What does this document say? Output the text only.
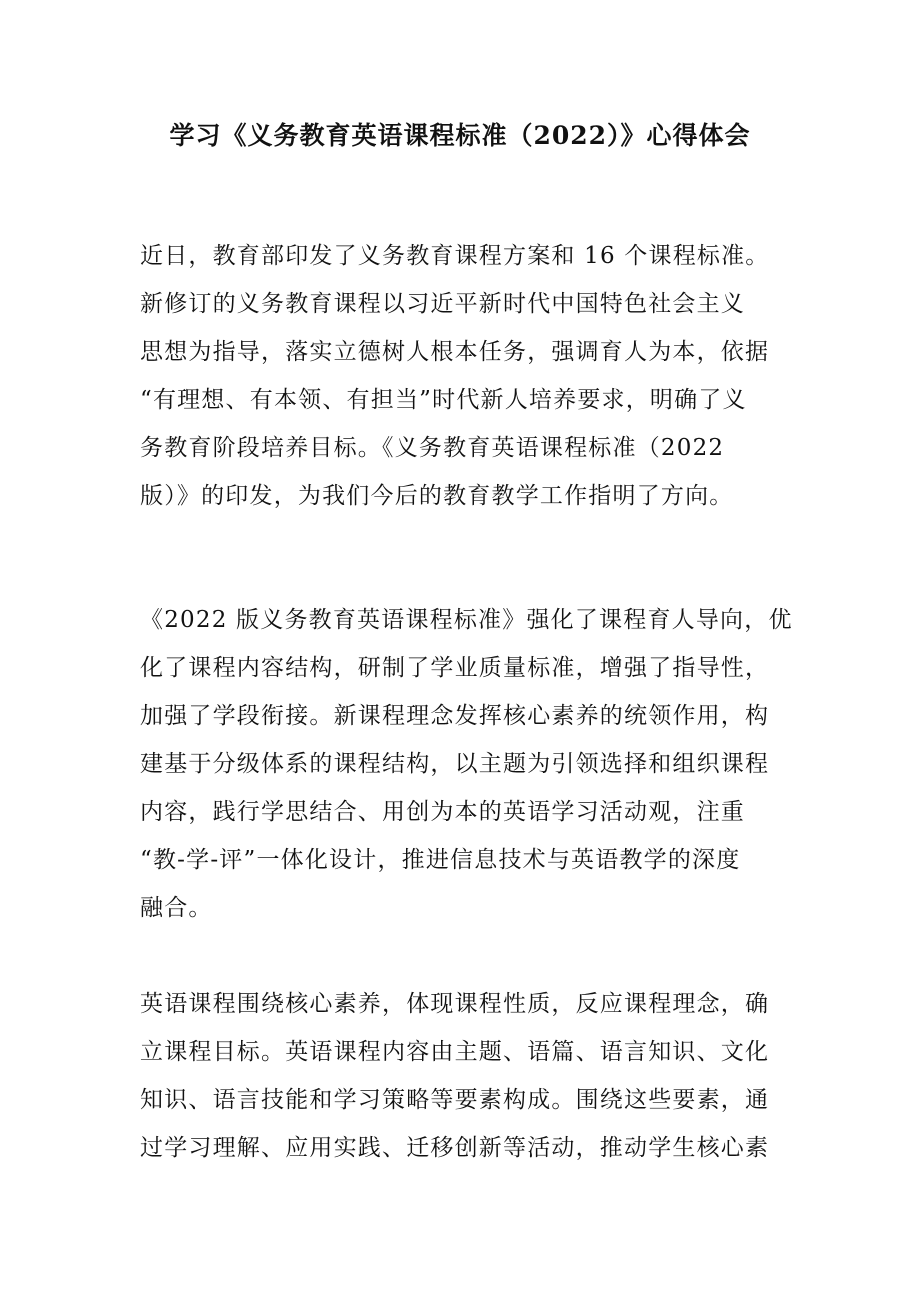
学习《义务教育英语课程标准（2022）》心得体会
近日，教育部印发了义务教育课程方案和 16 个课程标准。
新修订的义务教育课程以习近平新时代中国特色社会主义
思想为指导，落实立德树人根本任务，强调育人为本，依据
“有理想、有本领、有担当”时代新人培养要求，明确了义
务教育阶段培养目标。《义务教育英语课程标准（2022
版）》的印发，为我们今后的教育教学工作指明了方向。
《2022 版义务教育英语课程标准》强化了课程育人导向，优
化了课程内容结构，研制了学业质量标准，增强了指导性，
加强了学段衔接。新课程理念发挥核心素养的统领作用，构
建基于分级体系的课程结构，以主题为引领选择和组织课程
内容，践行学思结合、用创为本的英语学习活动观，注重
“教-学-评”一体化设计，推进信息技术与英语教学的深度
融合。
英语课程围绕核心素养，体现课程性质，反应课程理念，确
立课程目标。英语课程内容由主题、语篇、语言知识、文化
知识、语言技能和学习策略等要素构成。围绕这些要素，通
过学习理解、应用实践、迁移创新等活动，推动学生核心素
